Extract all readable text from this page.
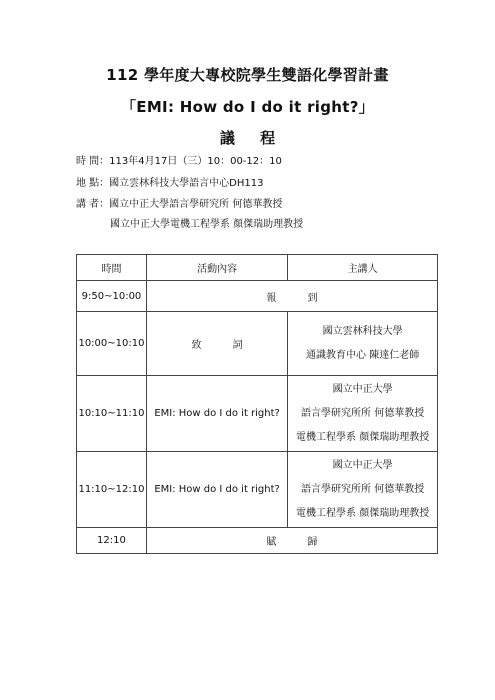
112 學年度大專校院學生雙語化學習計畫
「EMI: How do I do it right?」
議 程
時 間：113年4月17日（三）10：00-12：10
地 點：國立雲林科技大學語言中心DH113
講 者：國立中正大學語言學研究所 何德華教授
國立中正大學電機工程學系 顏傑瑞助理教授
時間	活動內容	主講人
9:50~10:00	報 到	
10:00~10:10	致 詞	國立雲林科技大學
通識教育中心 陳達仁老師

10:10~11:10	EMI: How do I do it right?	國立中正大學
語言學研究所所 何德華教授
電機工程學系 顏傑瑞助理教授

11:10~12:10	EMI: How do I do it right?	國立中正大學
語言學研究所所 何德華教授
電機工程學系 顏傑瑞助理教授

12:10	賦 歸	
